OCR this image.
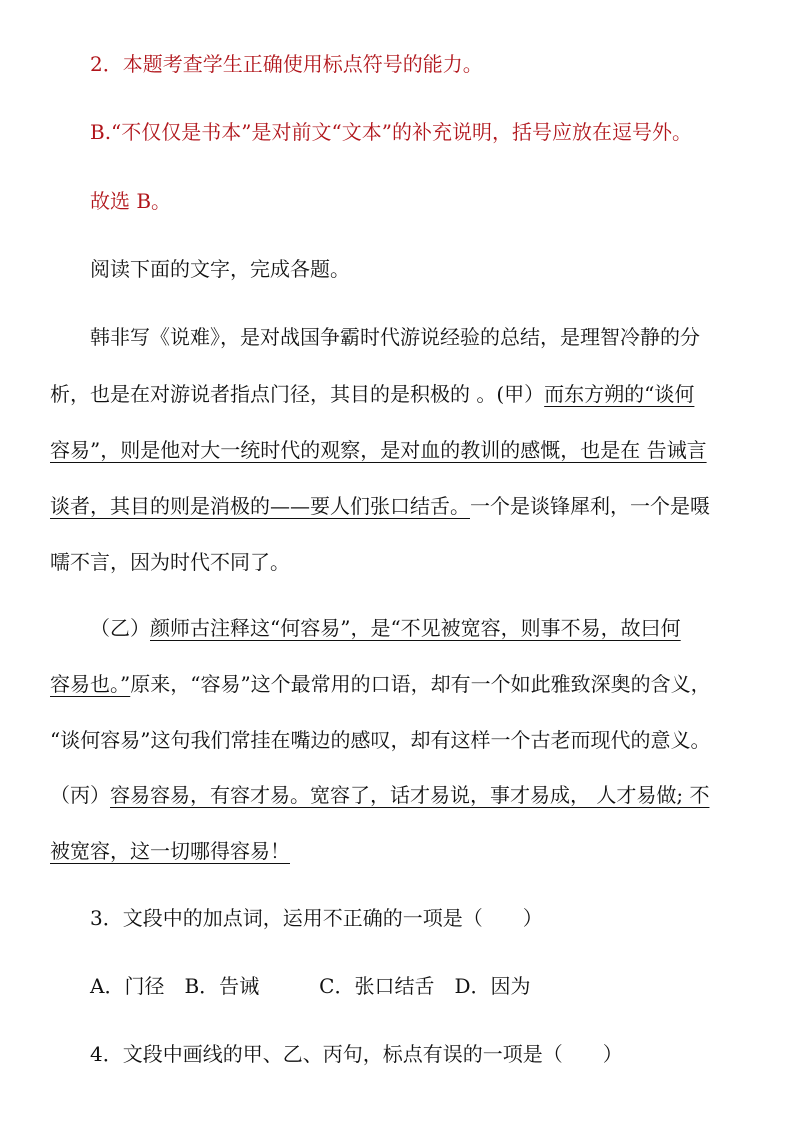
2．本题考查学生正确使用标点符号的能力。
B.“不仅仅是书本”是对前文“文本”的补充说明，括号应放在逗号外。
故选 B。
阅读下面的文字，完成各题。
韩非写《说难》，是对战国争霸时代游说经验的总结，是理智冷静的分
析，也是在对游说者指点门径，其目的是积极的 。(甲）而东方朔的“谈何
容易”，则是他对大一统时代的观察，是对血的教训的感慨，也是在 告诫言
谈者，其目的则是消极的——要人们张口结舌。一个是谈锋犀利，一个是嗫
嚅不言，因为时代不同了。
（乙）颜师古注释这“何容易”，是“不见被宽容，则事不易，故曰何
容易也。”原来，“容易”这个最常用的口语，却有一个如此雅致深奥的含义，
“谈何容易”这句我们常挂在嘴边的感叹，却有这样一个古老而现代的意义。
（丙）容易容易，有容才易。宽容了，话才易说，事才易成， 人才易做; 不
被宽容，这一切哪得容易！
3．文段中的加点词，运用不正确的一项是（　　）
A．门径　B．告诫　　　C．张口结舌　D．因为
4．文段中画线的甲、乙、丙句，标点有误的一项是（　　）
